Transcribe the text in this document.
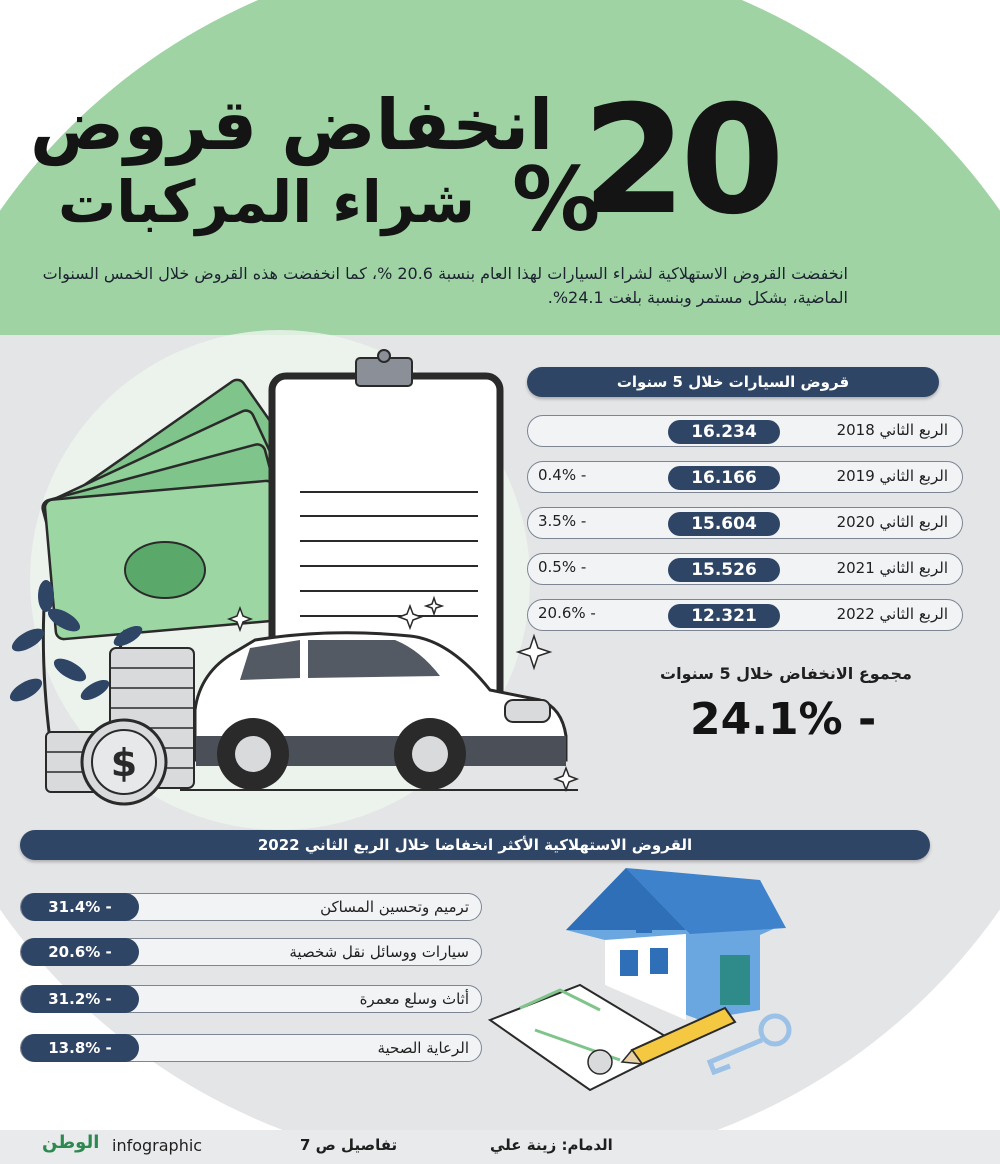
$
انخفاض قروض
شراء المركبات %
20
انخفضت القروض الاستهلاكية لشراء السيارات لهذا العام بنسبة 20.6 %، كما انخفضت هذه القروض خلال الخمس السنوات الماضية، بشكل مستمر وبنسبة بلغت 24.1%.
قروض السيارات خلال 5 سنوات
الربع الثاني 2018
16.234
الربع الثاني 2019
16.166
- 0.4%
الربع الثاني 2020
15.604
- 3.5%
الربع الثاني 2021
15.526
- 0.5%
الربع الثاني 2022
12.321
- 20.6%
مجموع الانخفاض خلال 5 سنوات
- 24.1%
القروض الاستهلاكية الأكثر انخفاضا خلال الربع الثاني 2022
ترميم وتحسين المساكن
- 31.4%
سيارات ووسائل نقل شخصية
- 20.6%
أثاث وسلع معمرة
- 31.2%
الرعاية الصحية
- 13.8%
الدمام: زينة علي
تفاصيل ص 7
infographic
الوطن
